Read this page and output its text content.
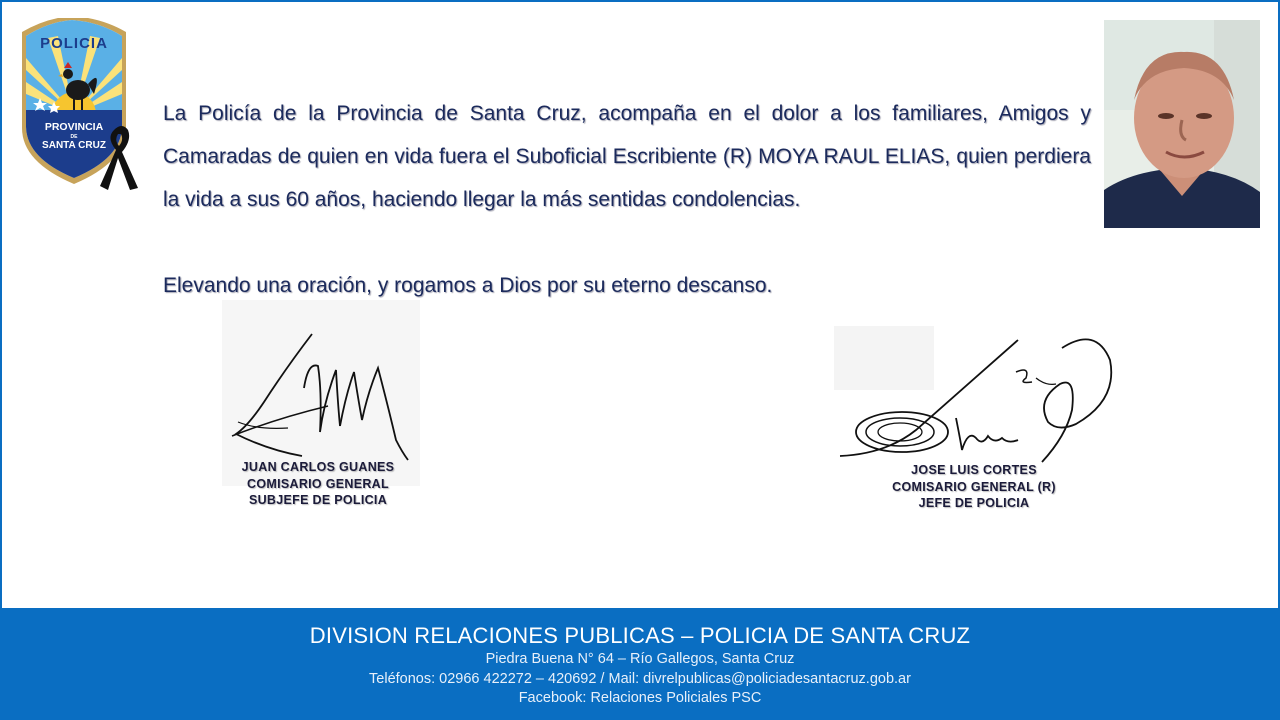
POLICIA
PROVINCIA
DE
SANTA CRUZ

La Policía de la Provincia de Santa Cruz, acompaña en el dolor a los familiares, Amigos y Camaradas de quien en vida fuera el Suboficial Escribiente (R) MOYA RAUL ELIAS, quien perdiera la vida a sus 60 años, haciendo llegar la más sentidas condolencias.

Elevando una oración, y rogamos a Dios por su eterno descanso.

JUAN CARLOS GUANES
COMISARIO GENERAL
SUBJEFE DE POLICIA
JOSE LUIS CORTES
COMISARIO GENERAL (R)
JEFE DE POLICIA
DIVISION RELACIONES PUBLICAS – POLICIA DE SANTA CRUZ
Piedra Buena N° 64 – Río Gallegos, Santa Cruz
Teléfonos: 02966 422272 – 420692 / Mail: divrelpublicas@policiadesantacruz.gob.ar
Facebook: Relaciones Policiales PSC
